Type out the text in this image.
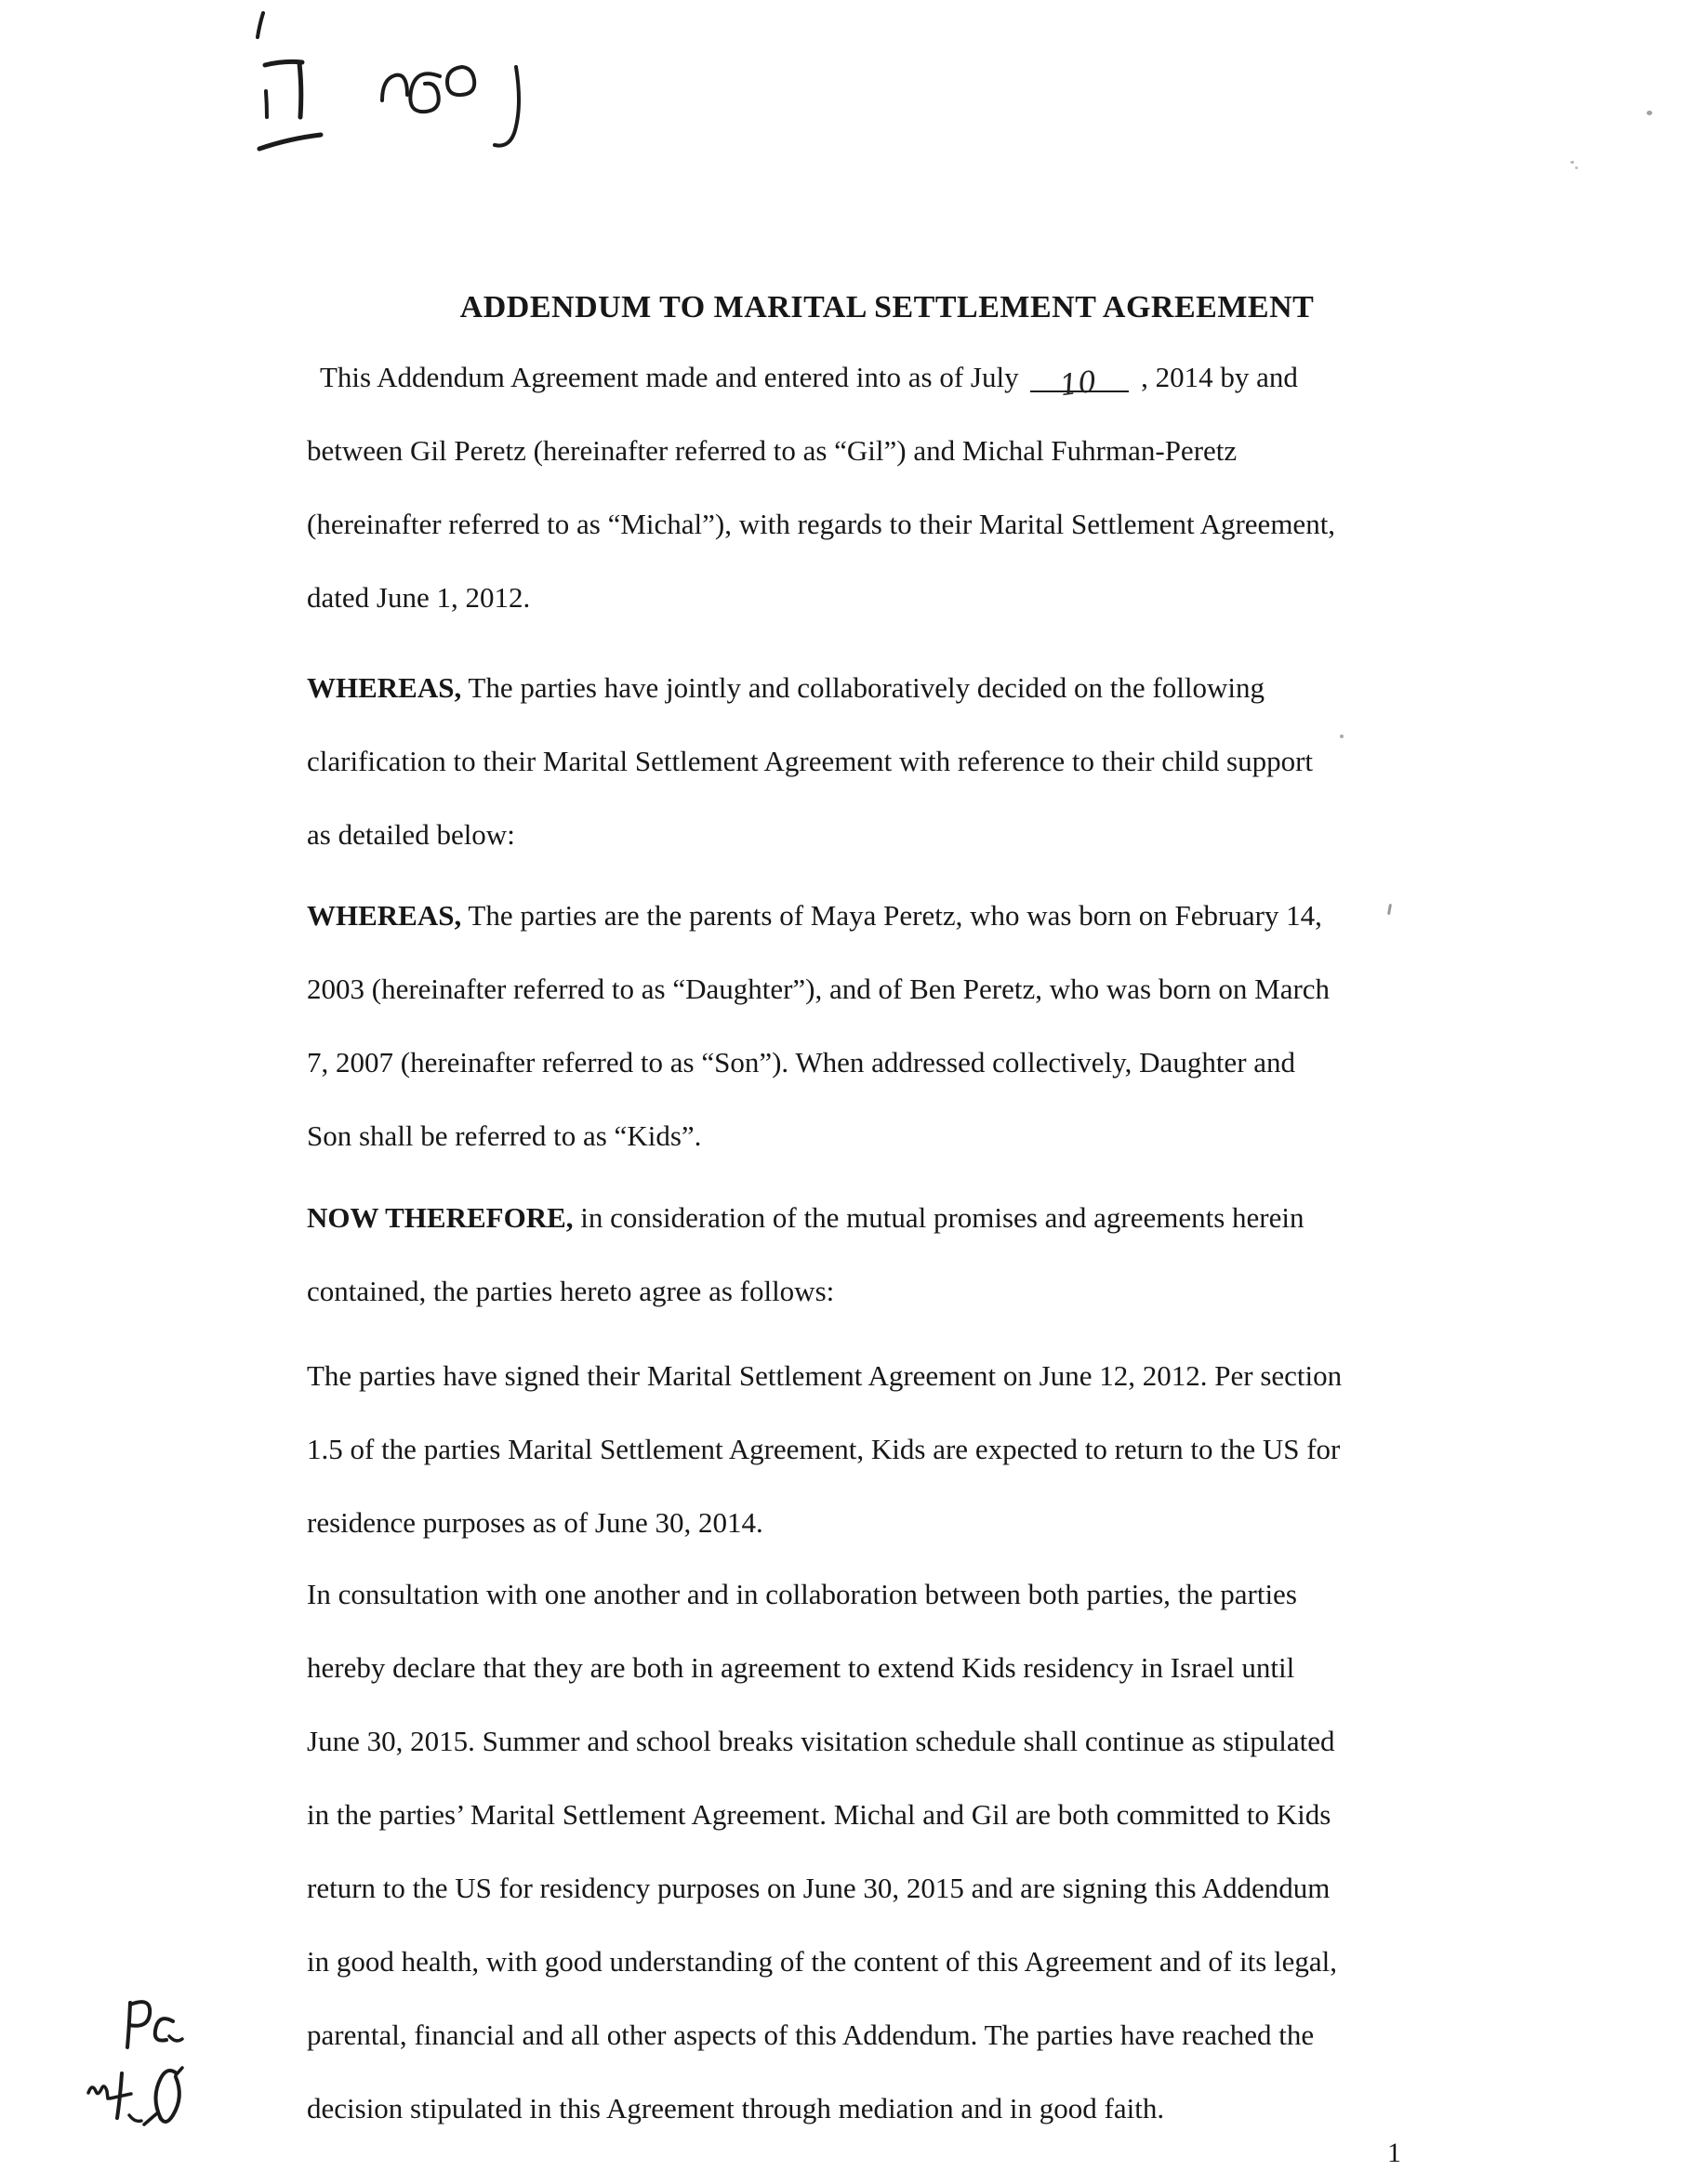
ADDENDUM TO MARITAL SETTLEMENT AGREEMENT
This Addendum Agreement made and entered into as of July 10 , 2014 by and
between Gil Peretz (hereinafter referred to as “Gil”) and Michal Fuhrman-Peretz
(hereinafter referred to as “Michal”), with regards to their Marital Settlement Agreement,
dated June 1, 2012.
WHEREAS, The parties have jointly and collaboratively decided on the following
clarification to their Marital Settlement Agreement with reference to their child support
as detailed below:
WHEREAS, The parties are the parents of Maya Peretz, who was born on February 14,
2003 (hereinafter referred to as “Daughter”), and of Ben Peretz, who was born on March
7, 2007 (hereinafter referred to as “Son”). When addressed collectively, Daughter and
Son shall be referred to as “Kids”.
NOW THEREFORE, in consideration of the mutual promises and agreements herein
contained, the parties hereto agree as follows:
The parties have signed their Marital Settlement Agreement on June 12, 2012. Per section
1.5 of the parties Marital Settlement Agreement, Kids are expected to return to the US for
residence purposes as of June 30, 2014.
In consultation with one another and in collaboration between both parties, the parties
hereby declare that they are both in agreement to extend Kids residency in Israel until
June 30, 2015. Summer and school breaks visitation schedule shall continue as stipulated
in the parties’ Marital Settlement Agreement. Michal and Gil are both committed to Kids
return to the US for residency purposes on June 30, 2015 and are signing this Addendum
in good health, with good understanding of the content of this Agreement and of its legal,
parental, financial and all other aspects of this Addendum. The parties have reached the
decision stipulated in this Agreement through mediation and in good faith.
1
